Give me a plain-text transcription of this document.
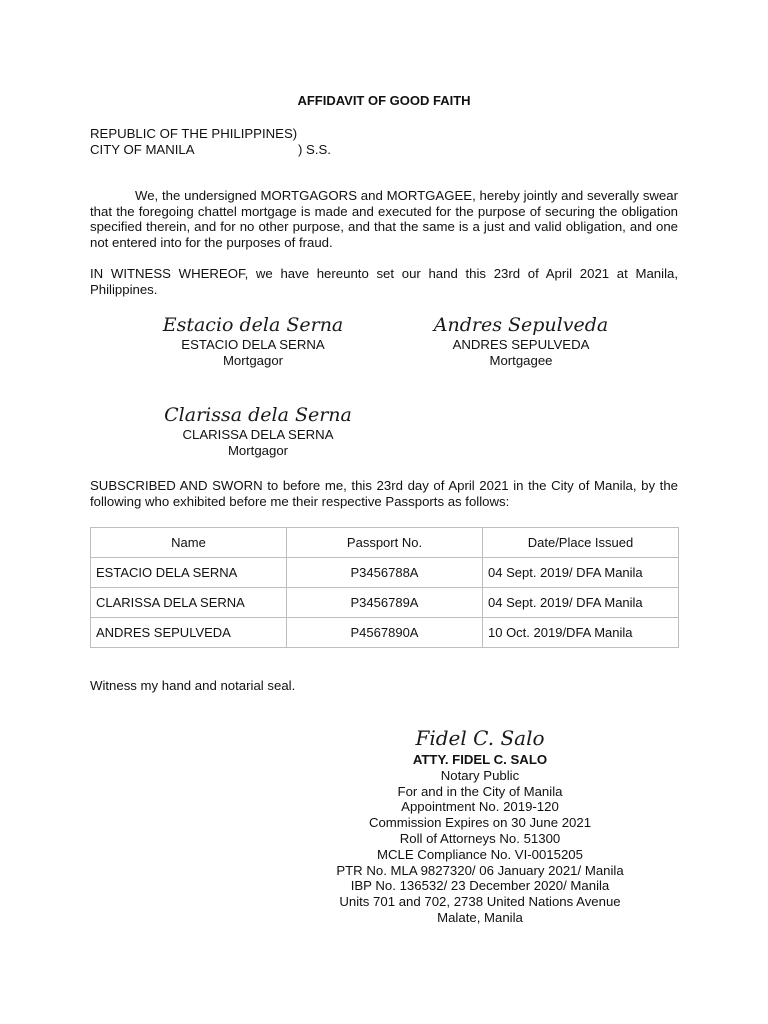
AFFIDAVIT OF GOOD FAITH
REPUBLIC OF THE PHILIPPINES)
CITY OF MANILA	) S.S.
We, the undersigned MORTGAGORS and MORTGAGEE, hereby jointly and severally swear that the foregoing chattel mortgage is made and executed for the purpose of securing the obligation specified therein, and for no other purpose, and that the same is a just and valid obligation, and one not entered into for the purposes of fraud.
IN WITNESS WHEREOF, we have hereunto set our hand this 23rd of April 2021 at Manila, Philippines.
Estacio dela Serna
ESTACIO DELA SERNA
Mortgagor
Andres Sepulveda
ANDRES SEPULVEDA
Mortgagee
Clarissa dela Serna
CLARISSA DELA SERNA
Mortgagor
SUBSCRIBED AND SWORN to before me, this 23rd day of April 2021 in the City of Manila, by the following who exhibited before me their respective Passports as follows:
Name	Passport No.	Date/Place Issued
ESTACIO DELA SERNA	P3456788A	04 Sept. 2019/ DFA Manila
CLARISSA DELA SERNA	P3456789A	04 Sept. 2019/ DFA Manila
ANDRES SEPULVEDA	P4567890A	10 Oct. 2019/DFA Manila
Witness my hand and notarial seal.
Fidel C. Salo
ATTY. FIDEL C. SALO
Notary Public
For and in the City of Manila
Appointment No. 2019-120
Commission Expires on 30 June 2021
Roll of Attorneys No. 51300
MCLE Compliance No. VI-0015205
PTR No. MLA 9827320/ 06 January 2021/ Manila
IBP No. 136532/ 23 December 2020/ Manila
Units 701 and 702, 2738 United Nations Avenue
Malate, Manila
